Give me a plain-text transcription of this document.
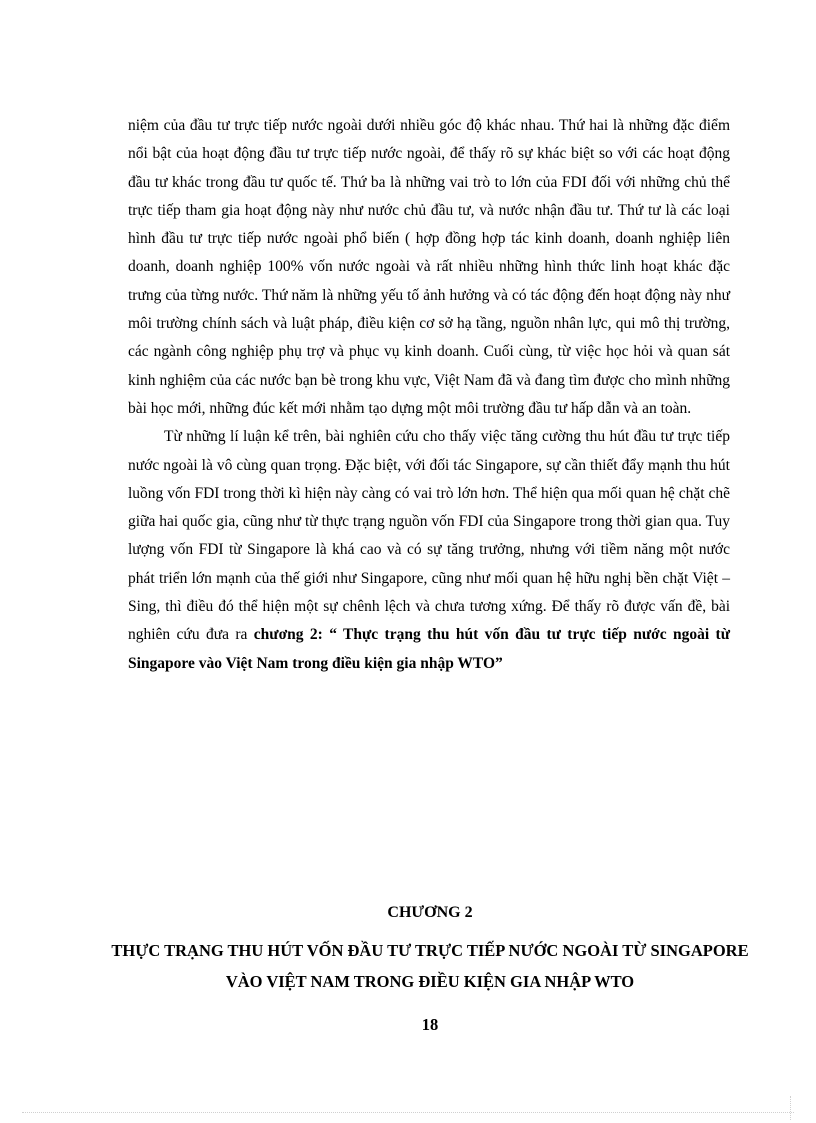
niệm của đầu tư trực tiếp nước ngoài dưới nhiều góc độ khác nhau. Thứ hai là những đặc điểm nổi bật của hoạt động đầu tư trực tiếp nước ngoài, để thấy rõ sự khác biệt so với các hoạt động đầu tư khác trong đầu tư quốc tế. Thứ ba là những vai trò to lớn của FDI đối với những chủ thể trực tiếp tham gia hoạt động này như nước chủ đầu tư, và nước nhận đầu tư. Thứ tư là các loại hình đầu tư trực tiếp nước ngoài phổ biến ( hợp đồng hợp tác kinh doanh, doanh nghiệp liên doanh, doanh nghiệp 100% vốn nước ngoài và rất nhiều những hình thức linh hoạt khác đặc trưng của từng nước. Thứ năm là những yếu tố ảnh hưởng và có tác động đến hoạt động này như môi trường chính sách và luật pháp, điều kiện cơ sở hạ tầng, nguồn nhân lực, qui mô thị trường, các ngành công nghiệp phụ trợ và phục vụ kinh doanh. Cuối cùng, từ việc học hỏi và quan sát kinh nghiệm của các nước bạn bè trong khu vực, Việt Nam đã và đang tìm được cho mình những bài học mới, những đúc kết mới nhằm tạo dựng một môi trường đầu tư hấp dẫn và an toàn.

Từ những lí luận kể trên, bài nghiên cứu cho thấy việc tăng cường thu hút đầu tư trực tiếp nước ngoài là vô cùng quan trọng. Đặc biệt, với đối tác Singapore, sự cần thiết đẩy mạnh thu hút luồng vốn FDI trong thời kì hiện này càng có vai trò lớn hơn. Thể hiện qua mối quan hệ chặt chẽ giữa hai quốc gia, cũng như từ thực trạng nguồn vốn FDI của Singapore trong thời gian qua. Tuy lượng vốn FDI từ Singapore là khá cao và có sự tăng trưởng, nhưng với tiềm năng một nước phát triển lớn mạnh của thế giới như Singapore, cũng như mối quan hệ hữu nghị bền chặt Việt – Sing, thì điều đó thể hiện một sự chênh lệch và chưa tương xứng. Để thấy rõ được vấn đề, bài nghiên cứu đưa ra chương 2: “ Thực trạng thu hút vốn đầu tư trực tiếp nước ngoài từ Singapore vào Việt Nam trong điều kiện gia nhập WTO”

CHƯƠNG 2
THỰC TRẠNG THU HÚT VỐN ĐẦU TƯ TRỰC TIẾP NƯỚC NGOÀI TỪ SINGAPORE VÀO VIỆT NAM TRONG ĐIỀU KIỆN GIA NHẬP WTO
18
